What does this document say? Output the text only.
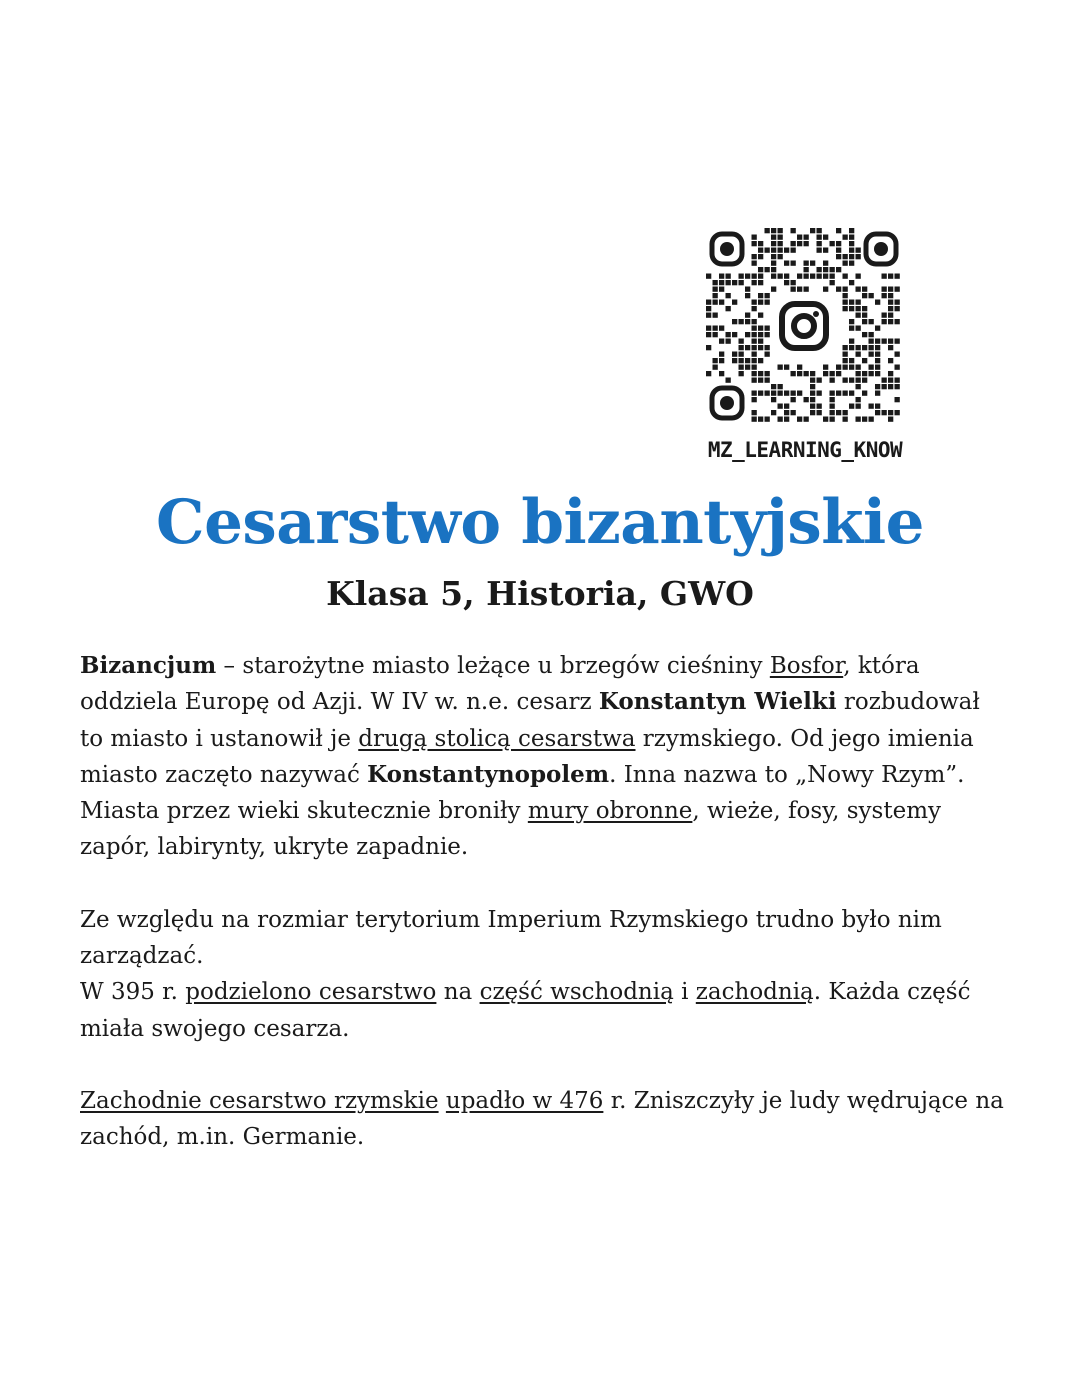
MZ_LEARNING_KNOW
Cesarstwo bizantyjskie
Klasa 5, Historia, GWO

Bizancjum – starożytne miasto leżące u brzegów cieśniny Bosfor, która oddziela Europę od Azji. W IV w. n.e. cesarz Konstantyn Wielki rozbudował to miasto i ustanowił je drugą stolicą cesarstwa rzymskiego. Od jego imienia miasto zaczęto nazywać Konstantynopolem. Inna nazwa to „Nowy Rzym”.
Miasta przez wieki skutecznie broniły mury obronne, wieże, fosy, systemy zapór, labirynty, ukryte zapadnie.

Ze względu na rozmiar terytorium Imperium Rzymskiego trudno było nim zarządzać.
W 395 r. podzielono cesarstwo na część wschodnią i zachodnią. Każda część miała swojego cesarza.

Zachodnie cesarstwo rzymskie upadło w 476 r. Zniszczyły je ludy wędrujące na zachód, m.in. Germanie.
